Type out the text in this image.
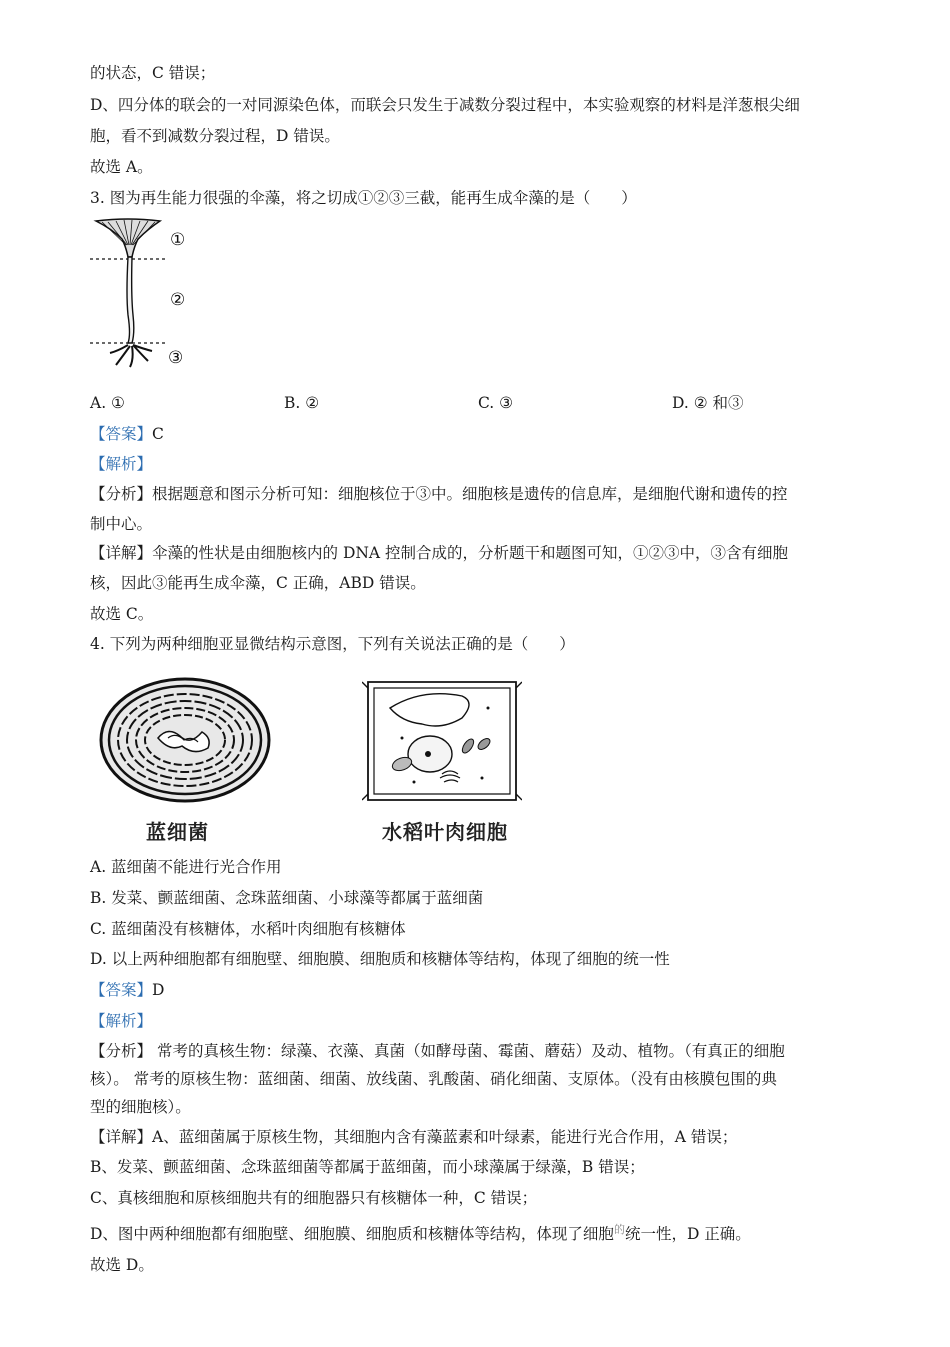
的状态，C 错误；
D、四分体的联会的一对同源染色体，而联会只发生于减数分裂过程中，本实验观察的材料是洋葱根尖细
胞，看不到减数分裂过程，D 错误。
故选 A。
3. 图为再生能力很强的伞藻，将之切成①②③三截，能再生成伞藻的是（　　）
①
②
③
A. ①	B. ②	C. ③	D. ② 和③
【答案】C
【解析】
【分析】根据题意和图示分析可知：细胞核位于③中。细胞核是遗传的信息库，是细胞代谢和遗传的控
制中心。
【详解】伞藻的性状是由细胞核内的 DNA 控制合成的，分析题干和题图可知，①②③中，③含有细胞
核，因此③能再生成伞藻，C 正确，ABD 错误。
故选 C。
4. 下列为两种细胞亚显微结构示意图，下列有关说法正确的是（　　）
蓝细菌	水稻叶肉细胞
A. 蓝细菌不能进行光合作用
B. 发菜、颤蓝细菌、念珠蓝细菌、小球藻等都属于蓝细菌
C. 蓝细菌没有核糖体，水稻叶肉细胞有核糖体
D. 以上两种细胞都有细胞壁、细胞膜、细胞质和核糖体等结构，体现了细胞的统一性
【答案】D
【解析】
【分析】 常考的真核生物：绿藻、衣藻、真菌（如酵母菌、霉菌、蘑菇）及动、植物。（有真正的细胞
核）。 常考的原核生物：蓝细菌、细菌、放线菌、乳酸菌、硝化细菌、支原体。（没有由核膜包围的典
型的细胞核）。
【详解】A、蓝细菌属于原核生物，其细胞内含有藻蓝素和叶绿素，能进行光合作用，A 错误；
B、发菜、颤蓝细菌、念珠蓝细菌等都属于蓝细菌，而小球藻属于绿藻，B 错误；
C、真核细胞和原核细胞共有的细胞器只有核糖体一种，C 错误；
D、图中两种细胞都有细胞壁、细胞膜、细胞质和核糖体等结构，体现了细胞$^的$统一性，D 正确。
故选 D。
